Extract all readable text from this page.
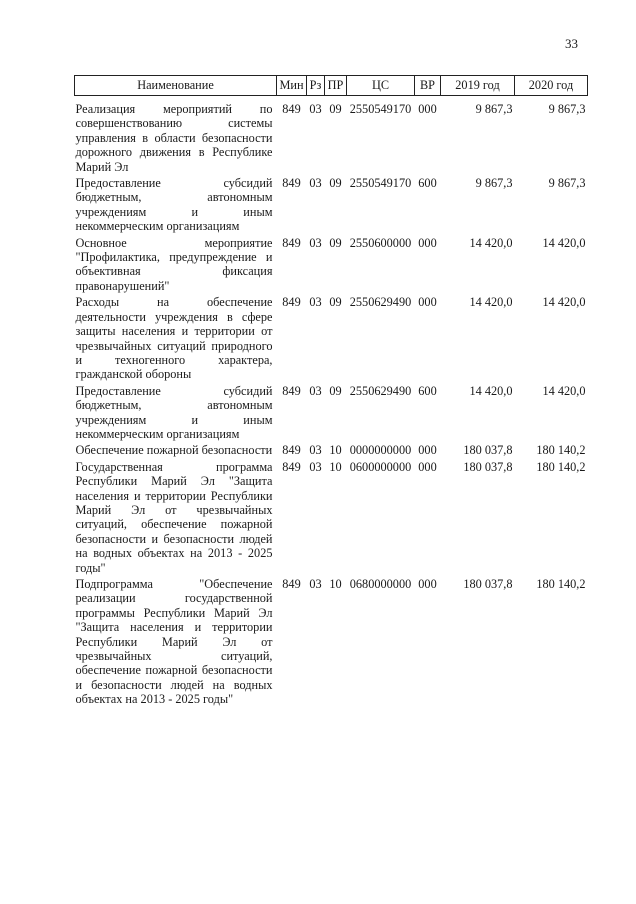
33
Наименование	Мин	Рз	ПР	ЦС	ВР	2019 год	2020 год
Реализация мероприятий по совершенствованию системы управления в области безопасности дорожного движения в Республике Марий Эл	849	03	09	2550549170	000	9 867,3	9 867,3
Предоставление субсидий бюджетным, автономным учреждениям и иным некоммерческим организациям	849	03	09	2550549170	600	9 867,3	9 867,3
Основное мероприятие "Профилактика, предупреждение и объективная фиксация правонарушений"	849	03	09	2550600000	000	14 420,0	14 420,0
Расходы на обеспечение деятельности учреждения в сфере защиты населения и территории от чрезвычайных ситуаций природного и техногенного характера, гражданской обороны	849	03	09	2550629490	000	14 420,0	14 420,0
Предоставление субсидий бюджетным, автономным учреждениям и иным некоммерческим организациям	849	03	09	2550629490	600	14 420,0	14 420,0
Обеспечение пожарной безопасности	849	03	10	0000000000	000	180 037,8	180 140,2
Государственная программа Республики Марий Эл "Защита населения и территории Республики Марий Эл от чрезвычайных ситуаций, обеспечение пожарной безопасности и безопасности людей на водных объектах на 2013 - 2025 годы"	849	03	10	0600000000	000	180 037,8	180 140,2
Подпрограмма "Обеспечение реализации государственной программы Республики Марий Эл "Защита населения и территории Республики Марий Эл от чрезвычайных ситуаций, обеспечение пожарной безопасности и безопасности людей на водных объектах на 2013 - 2025 годы"	849	03	10	0680000000	000	180 037,8	180 140,2
